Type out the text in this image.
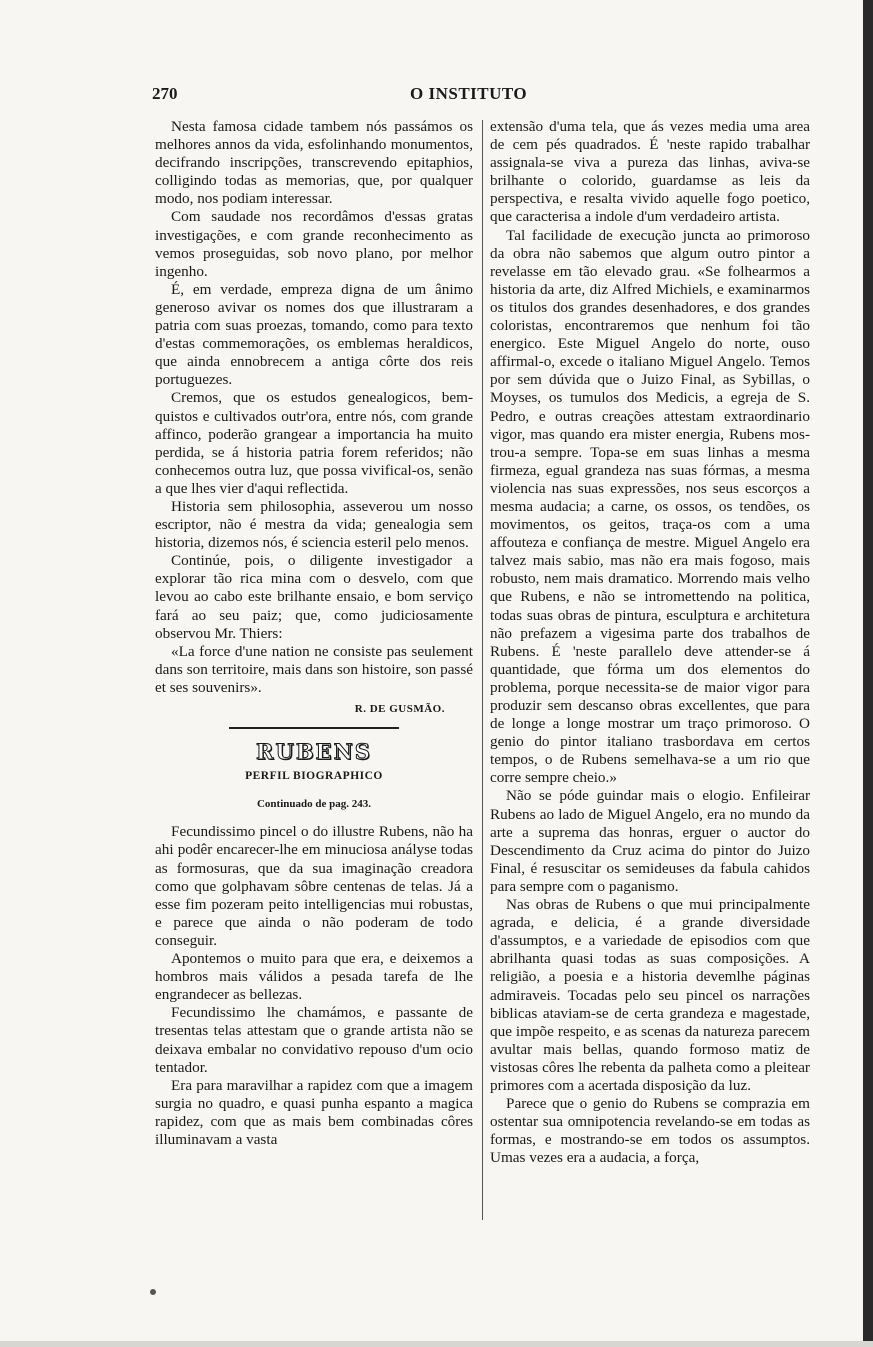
270	O INSTITUTO

Nesta famosa cidade tambem nós passámos os melhores annos da vida, esfolinhando monumentos, decifrando inscripções, transcrevendo epitaphios, colligindo todas as memorias, que, por qualquer modo, nos podiam interessar.

Com saudade nos recordâmos d'essas gratas investigações, e com grande reconhecimento as vemos proseguidas, sob novo plano, por melhor ingenho.

É, em verdade, empreza digna de um ânimo generoso avivar os nomes dos que illustraram a patria com suas proezas, tomando, como para texto d'estas commemorações, os emblemas heraldicos, que ainda ennobrecem a antiga côrte dos reis portuguezes.

Cremos, que os estudos genealogicos, bemquistos e cultivados outr'ora, entre nós, com grande affinco, poderão grangear a importancia ha muito perdida, se á historia patria forem referidos; não conhecemos outra luz, que possa vivifical-os, senão a que lhes vier d'aqui reflectida.

Historia sem philosophia, asseverou um nosso escriptor, não é mestra da vida; genealogia sem historia, dizemos nós, é sciencia esteril pelo menos.

Continúe, pois, o diligente investigador a explorar tão rica mina com o desvelo, com que levou ao cabo este brilhante ensaio, e bom serviço fará ao seu paiz; que, como judiciosamente observou Mr. Thiers:

«La force d'une nation ne consiste pas seulement dans son territoire, mais dans son histoire, son passé et ses souvenirs».

R. DE GUSMÃO.

RUBENS
PERFIL BIOGRAPHICO
Continuado de pag. 243.

Fecundissimo pincel o do illustre Rubens, não ha ahi podêr encarecer-lhe em minuciosa anályse todas as formosuras, que da sua imaginação creadora como que golphavam sôbre centenas de telas. Já a esse fim pozeram peito intelligencias mui robustas, e parece que ainda o não poderam de todo conseguir.

Apontemos o muito para que era, e deixemos a hombros mais válidos a pesada tarefa de lhe engrandecer as bellezas.

Fecundissimo lhe chamámos, e passante de tresentas telas attestam que o grande artista não se deixava embalar no convidativo repouso d'um ocio tentador.

Era para maravilhar a rapidez com que a imagem surgia no quadro, e quasi punha espanto a magica rapidez, com que as mais bem combinadas côres illuminavam a vasta

extensão d'uma tela, que ás vezes media uma area de cem pés quadrados. É 'neste rapido trabalhar assignala-se viva a pureza das linhas, aviva-se brilhante o colorido, guardamse as leis da perspectiva, e resalta vivido aquelle fogo poetico, que caracterisa a indole d'um verdadeiro artista.

Tal facilidade de execução juncta ao primoroso da obra não sabemos que algum outro pintor a revelasse em tão elevado grau. «Se folhearmos a historia da arte, diz Alfred Michiels, e examinarmos os titulos dos grandes desenhadores, e dos grandes coloristas, encontraremos que nenhum foi tão energico. Este Miguel Angelo do norte, ouso affirmal-o, excede o italiano Miguel Angelo. Temos por sem dúvida que o Juizo Final, as Sybillas, o Moyses, os tumulos dos Medicis, a egreja de S. Pedro, e outras creações attestam extraordinario vigor, mas quando era mister energia, Rubens mostrou-a sempre. Topa-se em suas linhas a mesma firmeza, egual grandeza nas suas fórmas, a mesma violencia nas suas expressões, nos seus escorços a mesma audacia; a carne, os ossos, os tendões, os movimentos, os geitos, traça-os com a uma affouteza e confiança de mestre. Miguel Angelo era talvez mais sabio, mas não era mais fogoso, mais robusto, nem mais dramatico. Morrendo mais velho que Rubens, e não se intromettendo na politica, todas suas obras de pintura, esculptura e architetura não prefazem a vigesima parte dos trabalhos de Rubens. É 'neste parallelo deve attender-se á quantidade, que fórma um dos elementos do problema, porque necessita-se de maior vigor para produzir sem descanso obras excellentes, que para de longe a longe mostrar um traço primoroso. O genio do pintor italiano trasbordava em certos tempos, o de Rubens semelhava-se a um rio que corre sempre cheio.»

Não se póde guindar mais o elogio. Enfileirar Rubens ao lado de Miguel Angelo, era no mundo da arte a suprema das honras, erguer o auctor do Descendimento da Cruz acima do pintor do Juizo Final, é resuscitar os semideuses da fabula cahidos para sempre com o paganismo.

Nas obras de Rubens o que mui principalmente agrada, e delicia, é a grande diversidade d'assumptos, e a variedade de episodios com que abrilhanta quasi todas as suas composições. A religião, a poesia e a historia devemlhe páginas admiraveis. Tocadas pelo seu pincel os narrações biblicas ataviam-se de certa grandeza e magestade, que impõe respeito, e as scenas da natureza parecem avultar mais bellas, quando formoso matiz de vistosas côres lhe rebenta da palheta como a pleitear primores com a acertada disposição da luz.

Parece que o genio do Rubens se comprazia em ostentar sua omnipotencia revelando-se em todas as formas, e mostrando-se em todos os assumptos. Umas vezes era a audacia, a força,
